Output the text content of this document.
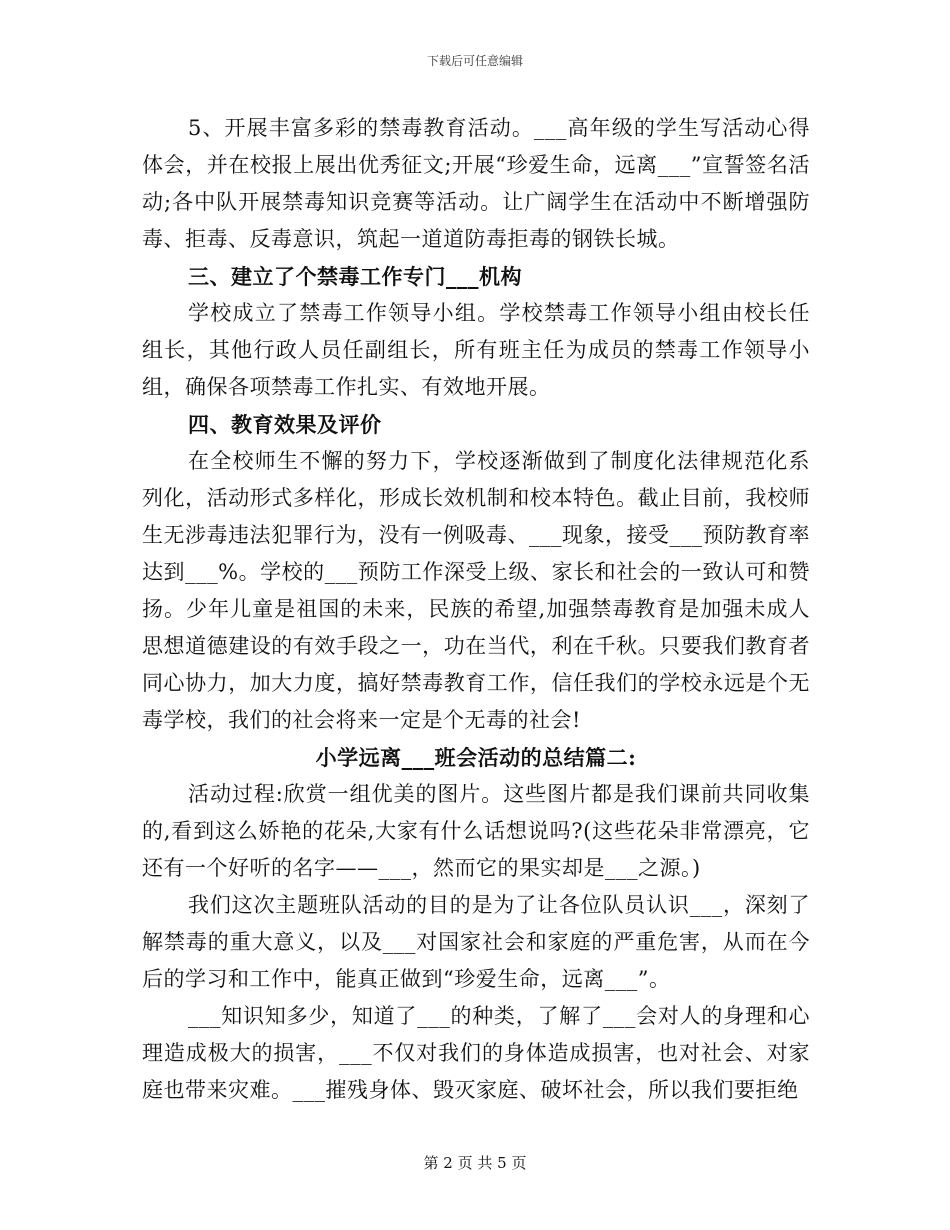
下载后可任意编辑

5、开展丰富多彩的禁毒教育活动。___高年级的学生写活动心得体会，并在校报上展出优秀征文;开展“珍爱生命，远离___”宣誓签名活动;各中队开展禁毒知识竞赛等活动。让广阔学生在活动中不断增强防毒、拒毒、反毒意识，筑起一道道防毒拒毒的钢铁长城。

三、建立了个禁毒工作专门___机构

学校成立了禁毒工作领导小组。学校禁毒工作领导小组由校长任组长，其他行政人员任副组长，所有班主任为成员的禁毒工作领导小组，确保各项禁毒工作扎实、有效地开展。

四、教育效果及评价

在全校师生不懈的努力下，学校逐渐做到了制度化法律规范化系列化，活动形式多样化，形成长效机制和校本特色。截止目前，我校师生无涉毒违法犯罪行为，没有一例吸毒、___现象，接受___预防教育率达到___%。学校的___预防工作深受上级、家长和社会的一致认可和赞扬。少年儿童是祖国的未来，民族的希望,加强禁毒教育是加强未成人思想道德建设的有效手段之一，功在当代，利在千秋。只要我们教育者同心协力，加大力度，搞好禁毒教育工作，信任我们的学校永远是个无毒学校，我们的社会将来一定是个无毒的社会!

小学远离___班会活动的总结篇二:

活动过程:欣赏一组优美的图片。这些图片都是我们课前共同收集的,看到这么娇艳的花朵,大家有什么话想说吗?(这些花朵非常漂亮，它还有一个好听的名字——___，然而它的果实却是___之源。)

我们这次主题班队活动的目的是为了让各位队员认识___，深刻了解禁毒的重大意义，以及___对国家社会和家庭的严重危害，从而在今后的学习和工作中，能真正做到“珍爱生命，远离___”。

___知识知多少，知道了___的种类，了解了___会对人的身理和心理造成极大的损害，___不仅对我们的身体造成损害，也对社会、对家庭也带来灾难。___摧残身体、毁灭家庭、破坏社会，所以我们要拒绝

第 2 页 共 5 页
